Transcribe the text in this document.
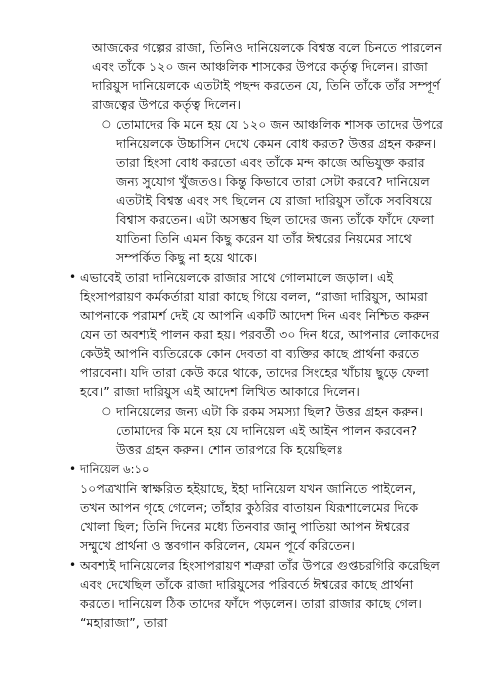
আজকের গল্পের রাজা, তিনিও দানিয়েলকে বিশ্বস্ত বলে চিনতে পারলেন এবং তাঁকে ১২০ জন আঞ্চলিক শাসকের উপরে কর্তৃত্ব দিলেন। রাজা দারিয়ুস দানিয়েলকে এতটাই পছন্দ করতেন যে, তিনি তাঁকে তাঁর সম্পূর্ণ রাজত্বের উপরে কর্তৃত্ব দিলেন।

○ তোমাদের কি মনে হয় যে ১২০ জন আঞ্চলিক শাসক তাদের উপরে দানিয়েলকে উচ্চাসিন দেখে কেমন বোধ করত? উত্তর গ্রহন করুন। তারা হিংসা বোধ করতো এবং তাঁকে মন্দ কাজে অভিযুক্ত করার জন্য সুযোগ খুঁজতও। কিন্তু কিভাবে তারা সেটা করবে? দানিয়েল এতটাই বিশ্বস্ত এবং সৎ ছিলেন যে রাজা দারিয়ুস তাঁকে সববিষয়ে বিশ্বাস করতেন। এটা অসম্ভব ছিল তাদের জন্য তাঁকে ফাঁদে ফেলা যাতিনা তিনি এমন কিছু করেন যা তাঁর ঈশ্বরের নিয়মের সাথে সম্পর্কিত কিছু না হয়ে থাকে।

• এভাবেই তারা দানিয়েলকে রাজার সাথে গোলমালে জড়াল। এই হিংসাপরায়ণ কর্মকর্তারা যারা কাছে গিয়ে বলল, “রাজা দারিয়ুস, আমরা আপনাকে পরামর্শ দেই যে আপনি একটি আদেশ দিন এবং নিশ্চিত করুন যেন তা অবশ্যই পালন করা হয়। পরবর্তী ৩০ দিন ধরে, আপনার লোকদের কেউই আপনি ব্যতিরেকে কোন দেবতা বা ব্যক্তির কাছে প্রার্থনা করতে পারবেনা। যদি তারা কেউ করে থাকে, তাদের সিংহের খাঁচায় ছুড়ে ফেলা হবে।” রাজা দারিয়ুস এই আদেশ লিখিত আকারে দিলেন।

○ দানিয়েলের জন্য এটা কি রকম সমস্যা ছিল? উত্তর গ্রহন করুন। তোমাদের কি মনে হয় যে দানিয়েল এই আইন পালন করবেন? উত্তর গ্রহন করুন। শোন তারপরে কি হয়েছিলঃ

• দানিয়েল ৬:১০

১০পত্রখানি স্বাক্ষরিত হইয়াছে, ইহা দানিয়েল যখন জানিতে পাইলেন, তখন আপন গৃহে গেলেন; তাঁহার কুঠরির বাতায়ন যিরূশালেমের দিকে খোলা ছিল; তিনি দিনের মধ্যে তিনবার জানু পাতিয়া আপন ঈশ্বরের সম্মুখে প্রার্থনা ও স্তবগান করিলেন, যেমন পূর্বে করিতেন।

• অবশ্যই দানিয়েলের হিংসাপরায়ণ শত্রুরা তাঁর উপরে গুপ্তচরগিরি করেছিল এবং দেখেছিল তাঁকে রাজা দারিয়ুসের পরিবর্তে ঈশ্বরের কাছে প্রার্থনা করতে। দানিয়েল ঠিক তাদের ফাঁদে পড়লেন। তারা রাজার কাছে গেল। “মহারাজা”, তারা
